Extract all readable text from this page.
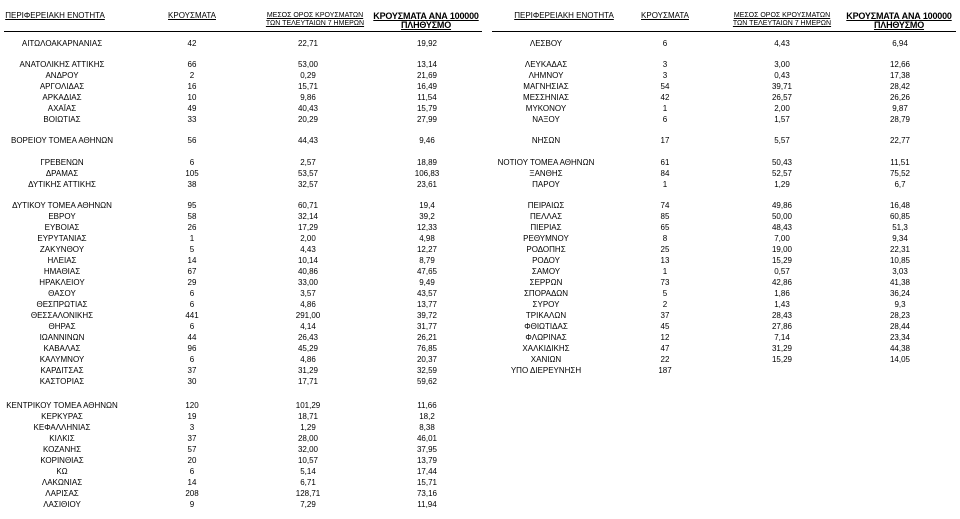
ΠΕΡΙΦΕΡΕΙΑΚΗ ΕΝΟΤΗΤΑ	ΚΡΟΥΣΜΑΤΑ	ΜΕΣΟΣ ΟΡΟΣ ΚΡΟΥΣΜΑΤΩΝ
ΤΩΝ ΤΕΛΕΥΤΑΙΩΝ 7 ΗΜΕΡΩΝ
ΚΡΟΥΣΜΑΤΑ ΑΝΑ 100000
ΠΛΗΘΥΣΜΟ
ΠΕΡΙΦΕΡΕΙΑΚΗ ΕΝΟΤΗΤΑ	ΚΡΟΥΣΜΑΤΑ	ΜΕΣΟΣ ΟΡΟΣ ΚΡΟΥΣΜΑΤΩΝ
ΤΩΝ ΤΕΛΕΥΤΑΙΩΝ 7 ΗΜΕΡΩΝ
ΚΡΟΥΣΜΑΤΑ ΑΝΑ 100000
ΠΛΗΘΥΣΜΟ
ΑΙΤΩΛΟΑΚΑΡΝΑΝΙΑΣ	42	22,71	19,92
ΑΝΑΤΟΛΙΚΗΣ ΑΤΤΙΚΗΣ	66	53,00	13,14
ΑΝΔΡΟΥ	2	0,29	21,69
ΑΡΓΟΛΙΔΑΣ	16	15,71	16,49
ΑΡΚΑΔΙΑΣ	10	9,86	11,54
ΑΧΑΪΑΣ	49	40,43	15,79
ΒΟΙΩΤΙΑΣ	33	20,29	27,99
ΒΟΡΕΙΟΥ ΤΟΜΕΑ ΑΘΗΝΩΝ	56	44,43	9,46
ΓΡΕΒΕΝΩΝ	6	2,57	18,89
ΔΡΑΜΑΣ	105	53,57	106,83
ΔΥΤΙΚΗΣ ΑΤΤΙΚΗΣ	38	32,57	23,61
ΔΥΤΙΚΟΥ ΤΟΜΕΑ ΑΘΗΝΩΝ	95	60,71	19,4
ΕΒΡΟΥ	58	32,14	39,2
ΕΥΒΟΙΑΣ	26	17,29	12,33
ΕΥΡΥΤΑΝΙΑΣ	1	2,00	4,98
ΖΑΚΥΝΘΟΥ	5	4,43	12,27
ΗΛΕΙΑΣ	14	10,14	8,79
ΗΜΑΘΙΑΣ	67	40,86	47,65
ΗΡΑΚΛΕΙΟΥ	29	33,00	9,49
ΘΑΣΟΥ	6	3,57	43,57
ΘΕΣΠΡΩΤΙΑΣ	6	4,86	13,77
ΘΕΣΣΑΛΟΝΙΚΗΣ	441	291,00	39,72
ΘΗΡΑΣ	6	4,14	31,77
ΙΩΑΝΝΙΝΩΝ	44	26,43	26,21
ΚΑΒΑΛΑΣ	96	45,29	76,85
ΚΑΛΥΜΝΟΥ	6	4,86	20,37
ΚΑΡΔΙΤΣΑΣ	37	31,29	32,59
ΚΑΣΤΟΡΙΑΣ	30	17,71	59,62
ΚΕΝΤΡΙΚΟΥ ΤΟΜΕΑ ΑΘΗΝΩΝ	120	101,29	11,66
ΚΕΡΚΥΡΑΣ	19	18,71	18,2
ΚΕΦΑΛΛΗΝΙΑΣ	3	1,29	8,38
ΚΙΛΚΙΣ	37	28,00	46,01
ΚΟΖΑΝΗΣ	57	32,00	37,95
ΚΟΡΙΝΘΙΑΣ	20	10,57	13,79
ΚΩ	6	5,14	17,44
ΛΑΚΩΝΙΑΣ	14	6,71	15,71
ΛΑΡΙΣΑΣ	208	128,71	73,16
ΛΑΣΙΘΙΟΥ	9	7,29	11,94
ΛΕΣΒΟΥ	6	4,43	6,94
ΛΕΥΚΑΔΑΣ	3	3,00	12,66
ΛΗΜΝΟΥ	3	0,43	17,38
ΜΑΓΝΗΣΙΑΣ	54	39,71	28,42
ΜΕΣΣΗΝΙΑΣ	42	26,57	26,26
ΜΥΚΟΝΟΥ	1	2,00	9,87
ΝΑΞΟΥ	6	1,57	28,79
ΝΗΣΩΝ	17	5,57	22,77
ΝΟΤΙΟΥ ΤΟΜΕΑ ΑΘΗΝΩΝ	61	50,43	11,51
ΞΑΝΘΗΣ	84	52,57	75,52
ΠΑΡΟΥ	1	1,29	6,7
ΠΕΙΡΑΙΩΣ	74	49,86	16,48
ΠΕΛΛΑΣ	85	50,00	60,85
ΠΙΕΡΙΑΣ	65	48,43	51,3
ΡΕΘΥΜΝΟΥ	8	7,00	9,34
ΡΟΔΟΠΗΣ	25	19,00	22,31
ΡΟΔΟΥ	13	15,29	10,85
ΣΑΜΟΥ	1	0,57	3,03
ΣΕΡΡΩΝ	73	42,86	41,38
ΣΠΟΡΑΔΩΝ	5	1,86	36,24
ΣΥΡΟΥ	2	1,43	9,3
ΤΡΙΚΑΛΩΝ	37	28,43	28,23
ΦΘΙΩΤΙΔΑΣ	45	27,86	28,44
ΦΛΩΡΙΝΑΣ	12	7,14	23,34
ΧΑΛΚΙΔΙΚΗΣ	47	31,29	44,38
ΧΑΝΙΩΝ	22	15,29	14,05
ΥΠΟ ΔΙΕΡΕΥΝΗΣΗ	187
